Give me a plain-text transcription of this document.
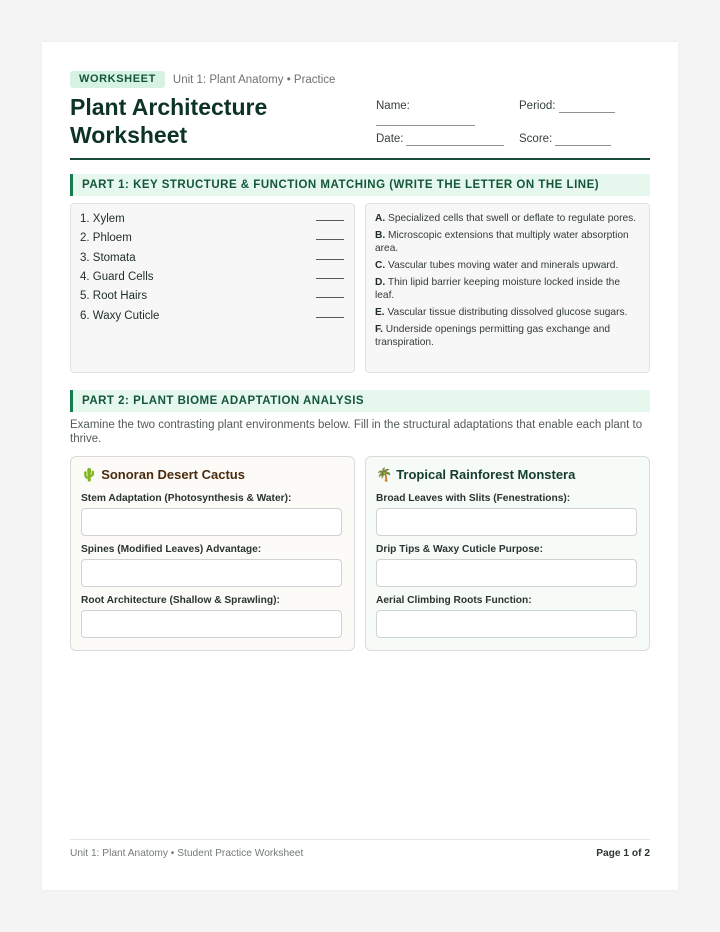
WORKSHEET	Unit 1: Plant Anatomy • Practice
Plant Architecture Worksheet
Name:	Period:
Date:	Score:
PART 1: KEY STRUCTURE & FUNCTION MATCHING (WRITE THE LETTER ON THE LINE)
1. Xylem
2. Phloem
3. Stomata
4. Guard Cells
5. Root Hairs
6. Waxy Cuticle
A. Specialized cells that swell or deflate to regulate pores.
B. Microscopic extensions that multiply water absorption area.
C. Vascular tubes moving water and minerals upward.
D. Thin lipid barrier keeping moisture locked inside the leaf.
E. Vascular tissue distributing dissolved glucose sugars.
F. Underside openings permitting gas exchange and transpiration.
PART 2: PLANT BIOME ADAPTATION ANALYSIS
Examine the two contrasting plant environments below. Fill in the structural adaptations that enable each plant to thrive.
🌵 Sonoran Desert Cactus
Stem Adaptation (Photosynthesis & Water):
Spines (Modified Leaves) Advantage:
Root Architecture (Shallow & Sprawling):
🌴 Tropical Rainforest Monstera
Broad Leaves with Slits (Fenestrations):
Drip Tips & Waxy Cuticle Purpose:
Aerial Climbing Roots Function:
Unit 1: Plant Anatomy • Student Practice Worksheet	Page 1 of 2
